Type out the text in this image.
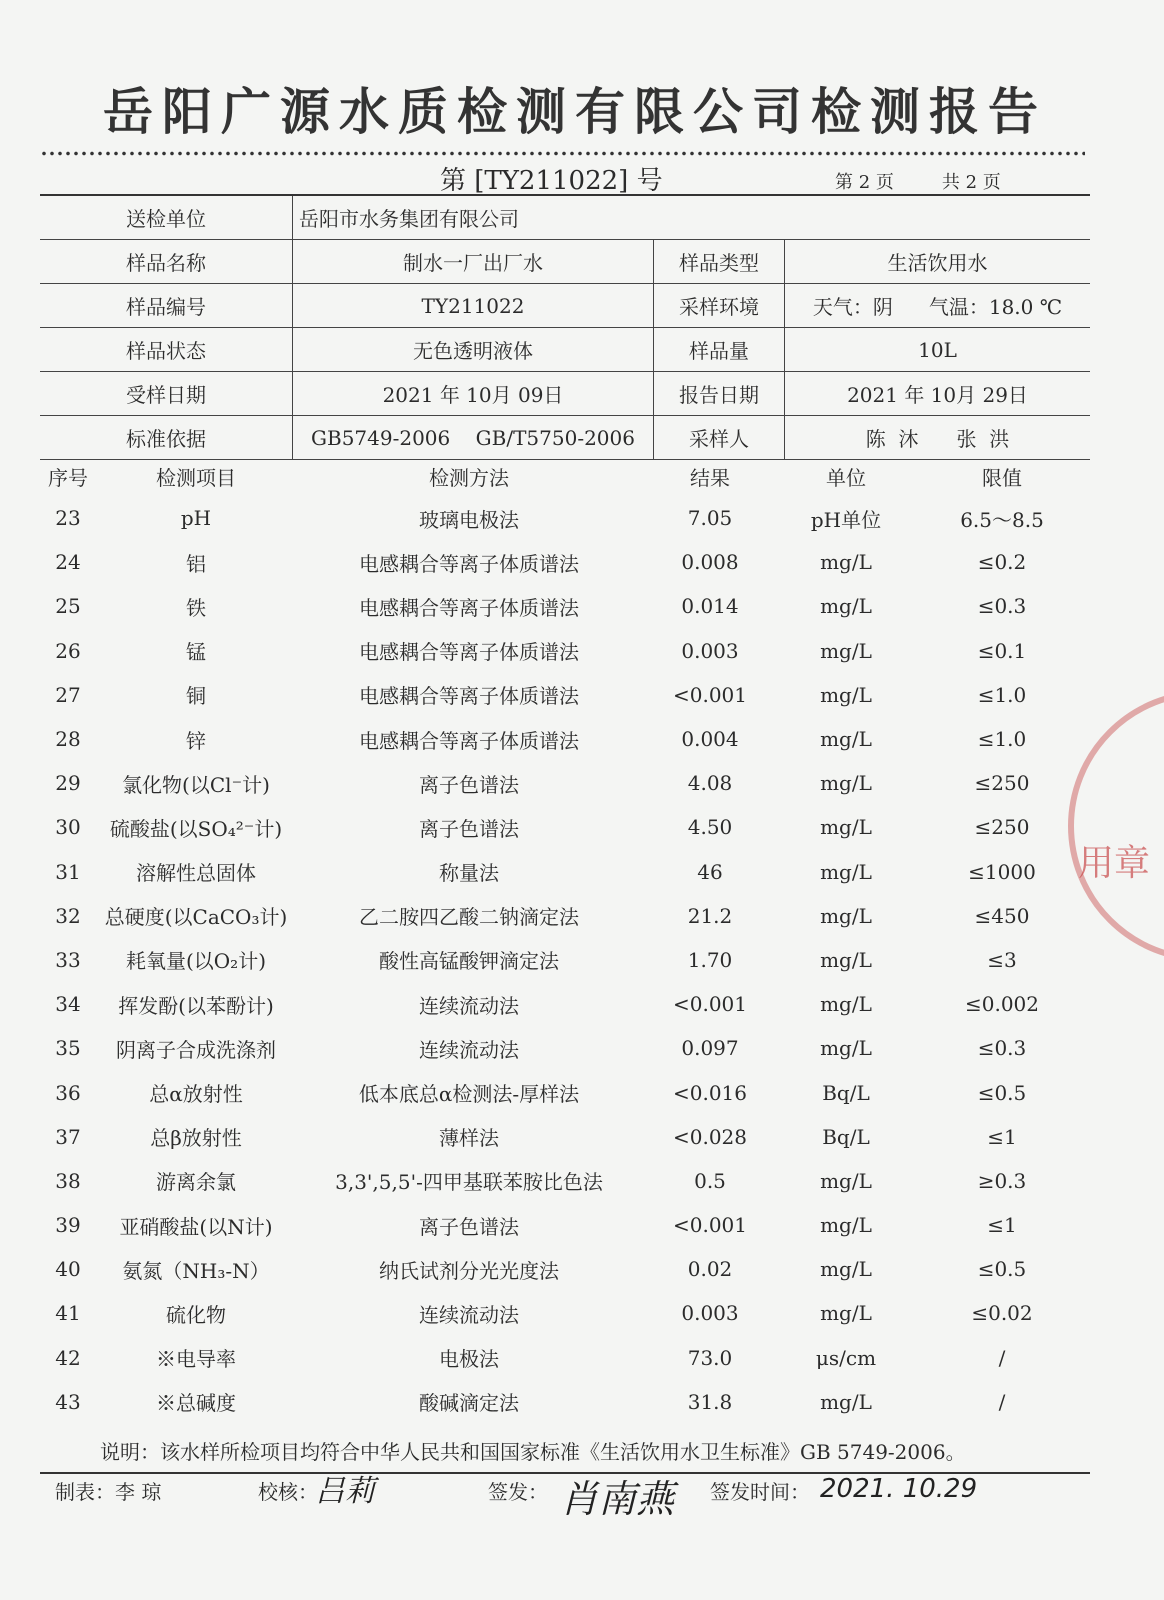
岳阳广源水质检测有限公司检测报告
第 [TY211022] 号	第 2 页	共 2 页
送检单位	岳阳市水务集团有限公司		
样品名称	制水一厂出厂水	样品类型	生活饮用水
样品编号	TY211022	采样环境	天气：阴 气温：18.0 ℃
样品状态	无色透明液体	样品量	10L
受样日期	2021 年 10月 09日	报告日期	2021 年 10月 29日
标准依据	GB5749-2006    GB/T5750-2006	采样人	陈  沐      张  洪
序号	检测项目	检测方法	结果	单位	限值
23	pH	玻璃电极法	7.05	pH单位	6.5～8.5
24	铝	电感耦合等离子体质谱法	0.008	mg/L	≤0.2
25	铁	电感耦合等离子体质谱法	0.014	mg/L	≤0.3
26	锰	电感耦合等离子体质谱法	0.003	mg/L	≤0.1
27	铜	电感耦合等离子体质谱法	<0.001	mg/L	≤1.0
28	锌	电感耦合等离子体质谱法	0.004	mg/L	≤1.0
29	氯化物(以Cl⁻计)	离子色谱法	4.08	mg/L	≤250
30	硫酸盐(以SO₄²⁻计)	离子色谱法	4.50	mg/L	≤250
31	溶解性总固体	称量法	46	mg/L	≤1000
32	总硬度(以CaCO₃计)	乙二胺四乙酸二钠滴定法	21.2	mg/L	≤450
33	耗氧量(以O₂计)	酸性高锰酸钾滴定法	1.70	mg/L	≤3
34	挥发酚(以苯酚计)	连续流动法	<0.001	mg/L	≤0.002
35	阴离子合成洗涤剂	连续流动法	0.097	mg/L	≤0.3
36	总α放射性	低本底总α检测法-厚样法	<0.016	Bq/L	≤0.5
37	总β放射性	薄样法	<0.028	Bq/L	≤1
38	游离余氯	3,3',5,5'-四甲基联苯胺比色法	0.5	mg/L	≥0.3
39	亚硝酸盐(以N计)	离子色谱法	<0.001	mg/L	≤1
40	氨氮（NH₃-N）	纳氏试剂分光光度法	0.02	mg/L	≤0.5
41	硫化物	连续流动法	0.003	mg/L	≤0.02
42	※电导率	电极法	73.0	μs/cm	/
43	※总碱度	酸碱滴定法	31.8	mg/L	/
说明：该水样所检项目均符合中华人民共和国国家标准《生活饮用水卫生标准》GB 5749-2006。
制表：李 琼	校核：
吕莉	签发： 肖南燕 签发时间： 2021. 10.29
用章
